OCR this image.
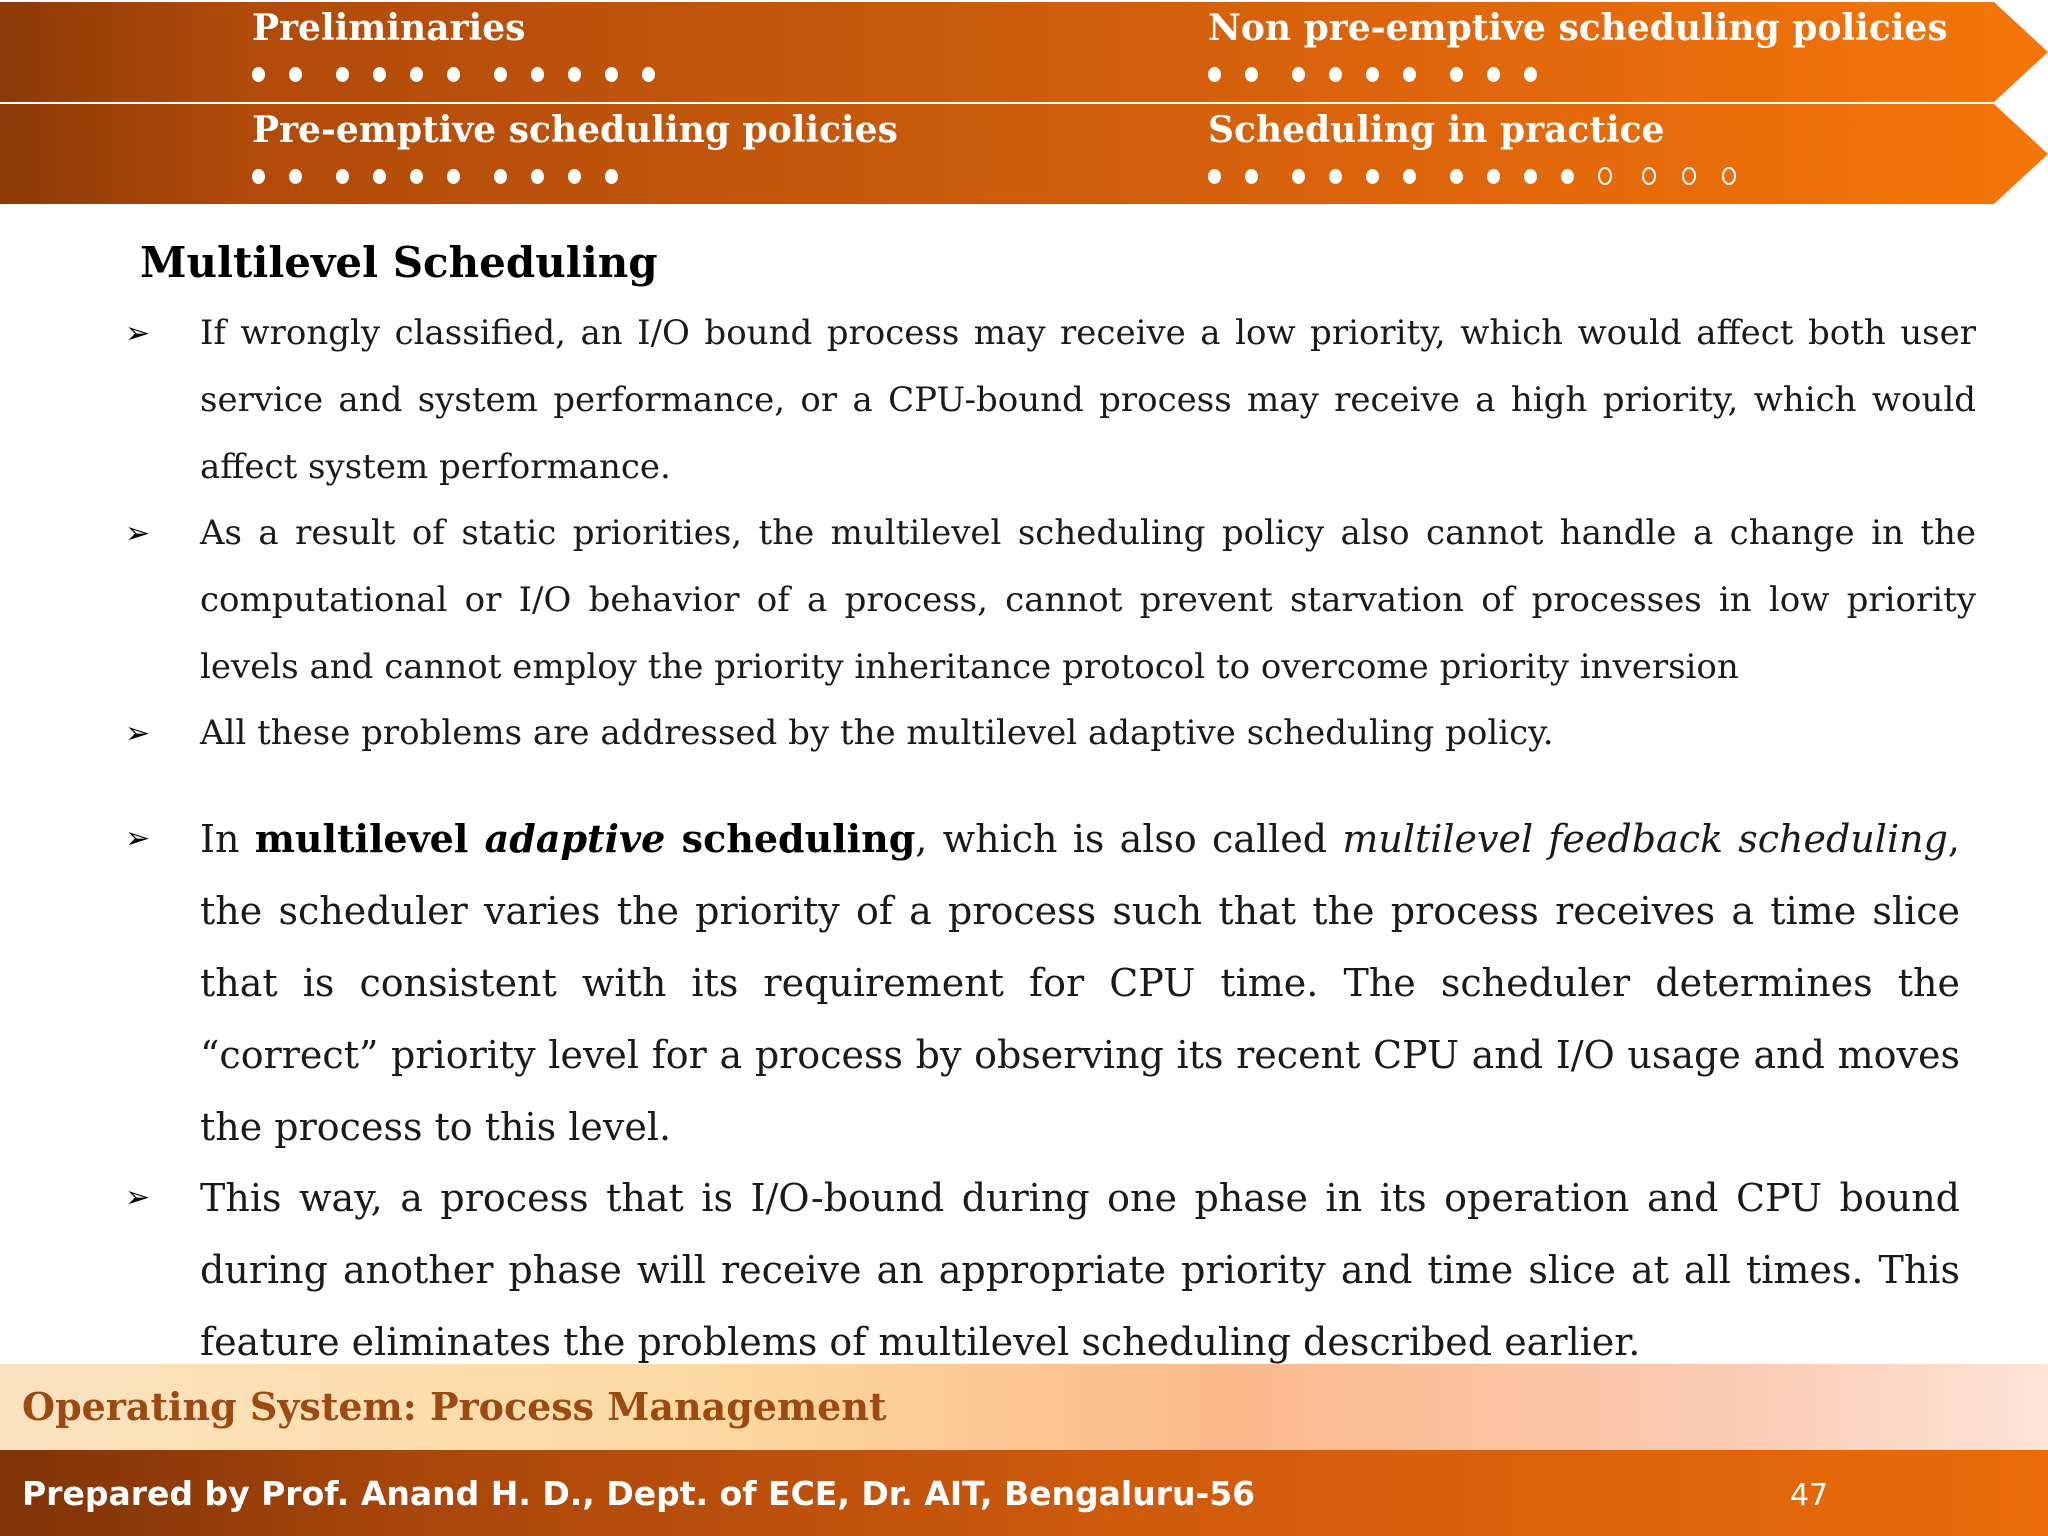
Preliminaries	Non pre-emptive scheduling policies
Pre-emptive scheduling policies	Scheduling in practice
Multilevel Scheduling
➢ If wrongly classified, an I/O bound process may receive a low priority, which would affect both user service and system performance, or a CPU-bound process may receive a high priority, which would affect system performance.
➢ As a result of static priorities, the multilevel scheduling policy also cannot handle a change in the computational or I/O behavior of a process, cannot prevent starvation of processes in low priority levels and cannot employ the priority inheritance protocol to overcome priority inversion
➢ All these problems are addressed by the multilevel adaptive scheduling policy.
➢ In multilevel adaptive scheduling, which is also called multilevel feedback scheduling, the scheduler varies the priority of a process such that the process receives a time slice that is consistent with its requirement for CPU time. The scheduler determines the “correct” priority level for a process by observing its recent CPU and I/O usage and moves the process to this level.
➢ This way, a process that is I/O-bound during one phase in its operation and CPU bound during another phase will receive an appropriate priority and time slice at all times. This feature eliminates the problems of multilevel scheduling described earlier.
Operating System: Process Management
Prepared by Prof. Anand H. D., Dept. of ECE, Dr. AIT, Bengaluru-56	47
